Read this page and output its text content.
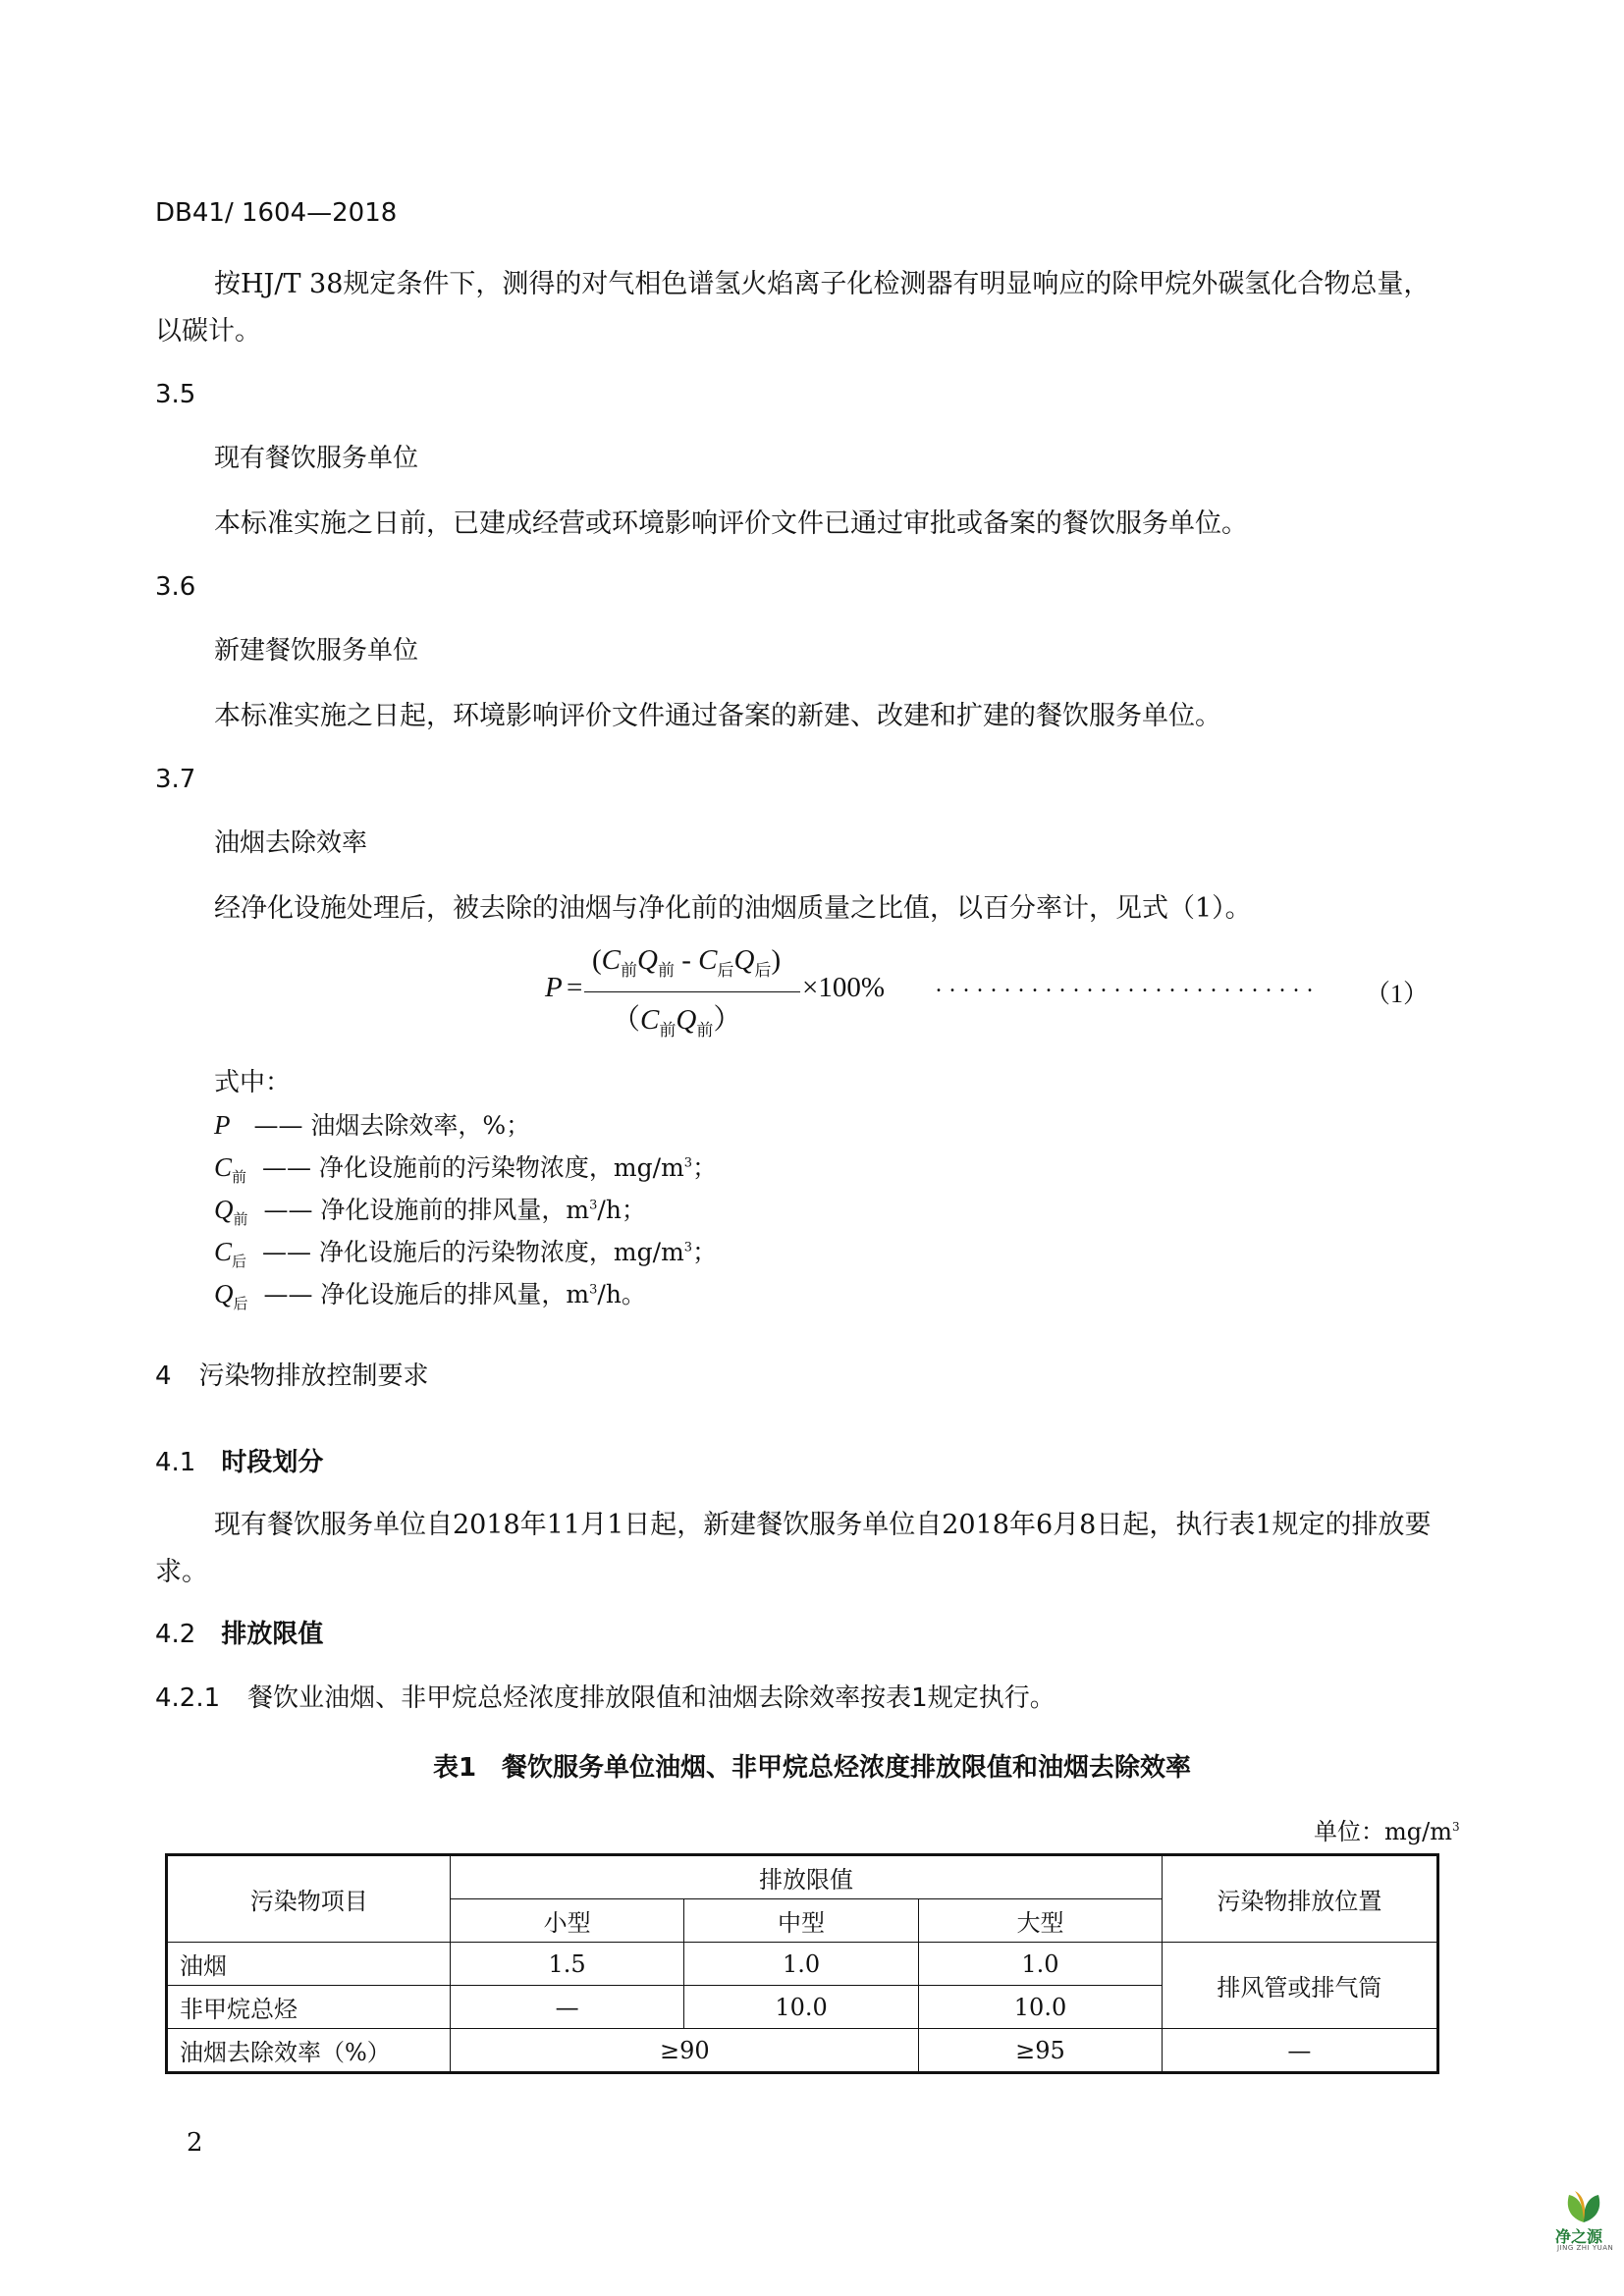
DB41/ 1604—2018
按HJ/T 38规定条件下，测得的对气相色谱氢火焰离子化检测器有明显响应的除甲烷外碳氢化合物总量，以碳计。
3.5
现有餐饮服务单位
本标准实施之日前，已建成经营或环境影响评价文件已通过审批或备案的餐饮服务单位。
3.6
新建餐饮服务单位
本标准实施之日起，环境影响评价文件通过备案的新建、改建和扩建的餐饮服务单位。
3.7
油烟去除效率
经净化设施处理后，被去除的油烟与净化前的油烟质量之比值，以百分率计，见式（1）。
P =
$(C_前Q_前 - C_后Q_后)$
$(C_前Q_前)$
×100% . . . . . . . . . . . . . . . . . . . . . . . . . . . . （1）
式中：
P —— 油烟去除效率，%；
$C_前$ —— 净化设施前的污染物浓度，$mg/m^3$；
$Q_前$ —— 净化设施前的排风量，$m^3/h$；
$C_后$ —— 净化设施后的污染物浓度，$mg/m^3$；
$Q_后$ —— 净化设施后的排风量，$m^3/h$。
4 污染物排放控制要求
4.1 时段划分
现有餐饮服务单位自2018年11月1日起，新建餐饮服务单位自2018年6月8日起，执行表1规定的排放要求。
4.2 排放限值
4.2.1 餐饮业油烟、非甲烷总烃浓度排放限值和油烟去除效率按表1规定执行。
表1　餐饮服务单位油烟、非甲烷总烃浓度排放限值和油烟去除效率
单位：$mg/m^3$
污染物项目	排放限值			污染物排放位置
	小型	中型	大型	
油烟	1.5	1.0	1.0	排风管或排气筒
非甲烷总烃	—	10.0	10.0	
油烟去除效率（%）	≥90		≥95	—
2
净之源
JING ZHI YUAN
